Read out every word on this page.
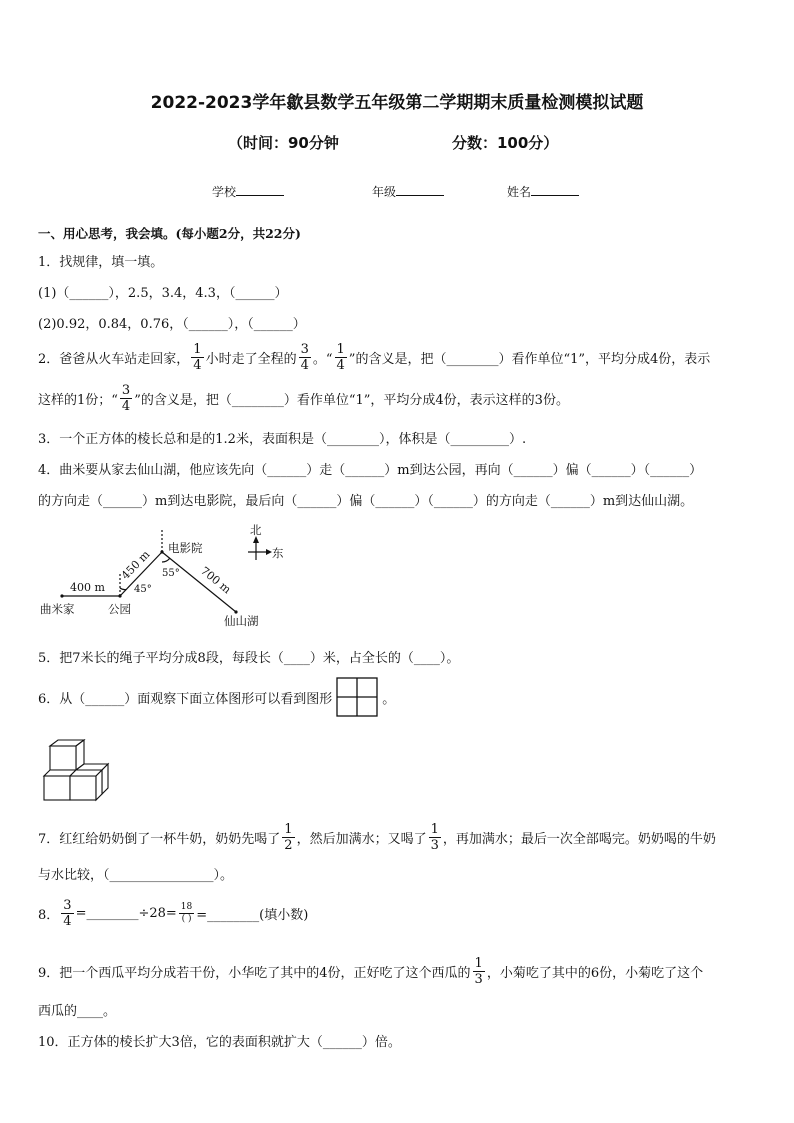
2022-2023学年歙县数学五年级第二学期期末质量检测模拟试题
（时间：90分钟	分数：100分）
学校	年级	姓名
一、用心思考，我会填。(每小题2分，共22分)
1．找规律，填一填。
(1)（______），2.5，3.4，4.3，（______）
(2)0.92，0.84，0.76，（______），（______）
2．爸爸从火车站走回家， $\frac{1}{4}$ 小时走了全程的 $\frac{3}{4}$ 。“ $\frac{1}{4}$ ”的含义是，把（________）看作单位“1”，平均分成4份，表示
这样的1份；“ $\frac{3}{4}$ ”的含义是，把（________）看作单位“1”，平均分成4份，表示这样的3份。
3．一个正方体的棱长总和是的1.2米，表面积是（________），体积是（_________）.
4．曲米要从家去仙山湖，他应该先向（______）走（______）m到达公园，再向（______）偏（______）（______）
的方向走（______）m到达电影院，最后向（______）偏（______）（______）的方向走（______）m到达仙山湖。
400 m
450 m	700 m
45°
55°
电影院
公园
曲米家
仙山湖
北
东
5．把7米长的绳子平均分成8段，每段长（____）米，占全长的（____）。
6．从（______）面观察下面立体图形可以看到图形	。
7．红红给奶奶倒了一杯牛奶，奶奶先喝了 $\frac{1}{2}$ ，然后加满水；又喝了 $\frac{1}{3}$ ，再加满水；最后一次全部喝完。奶奶喝的牛奶
与水比较，（________________）。
8． $\frac{3}{4}$ =________÷28= $\frac{18}{( )}$ =________(填小数)
9．把一个西瓜平均分成若干份，小华吃了其中的4份，正好吃了这个西瓜的 $\frac{1}{3}$ ，小菊吃了其中的6份，小菊吃了这个
西瓜的____。
10．正方体的棱长扩大3倍，它的表面积就扩大（______）倍。
